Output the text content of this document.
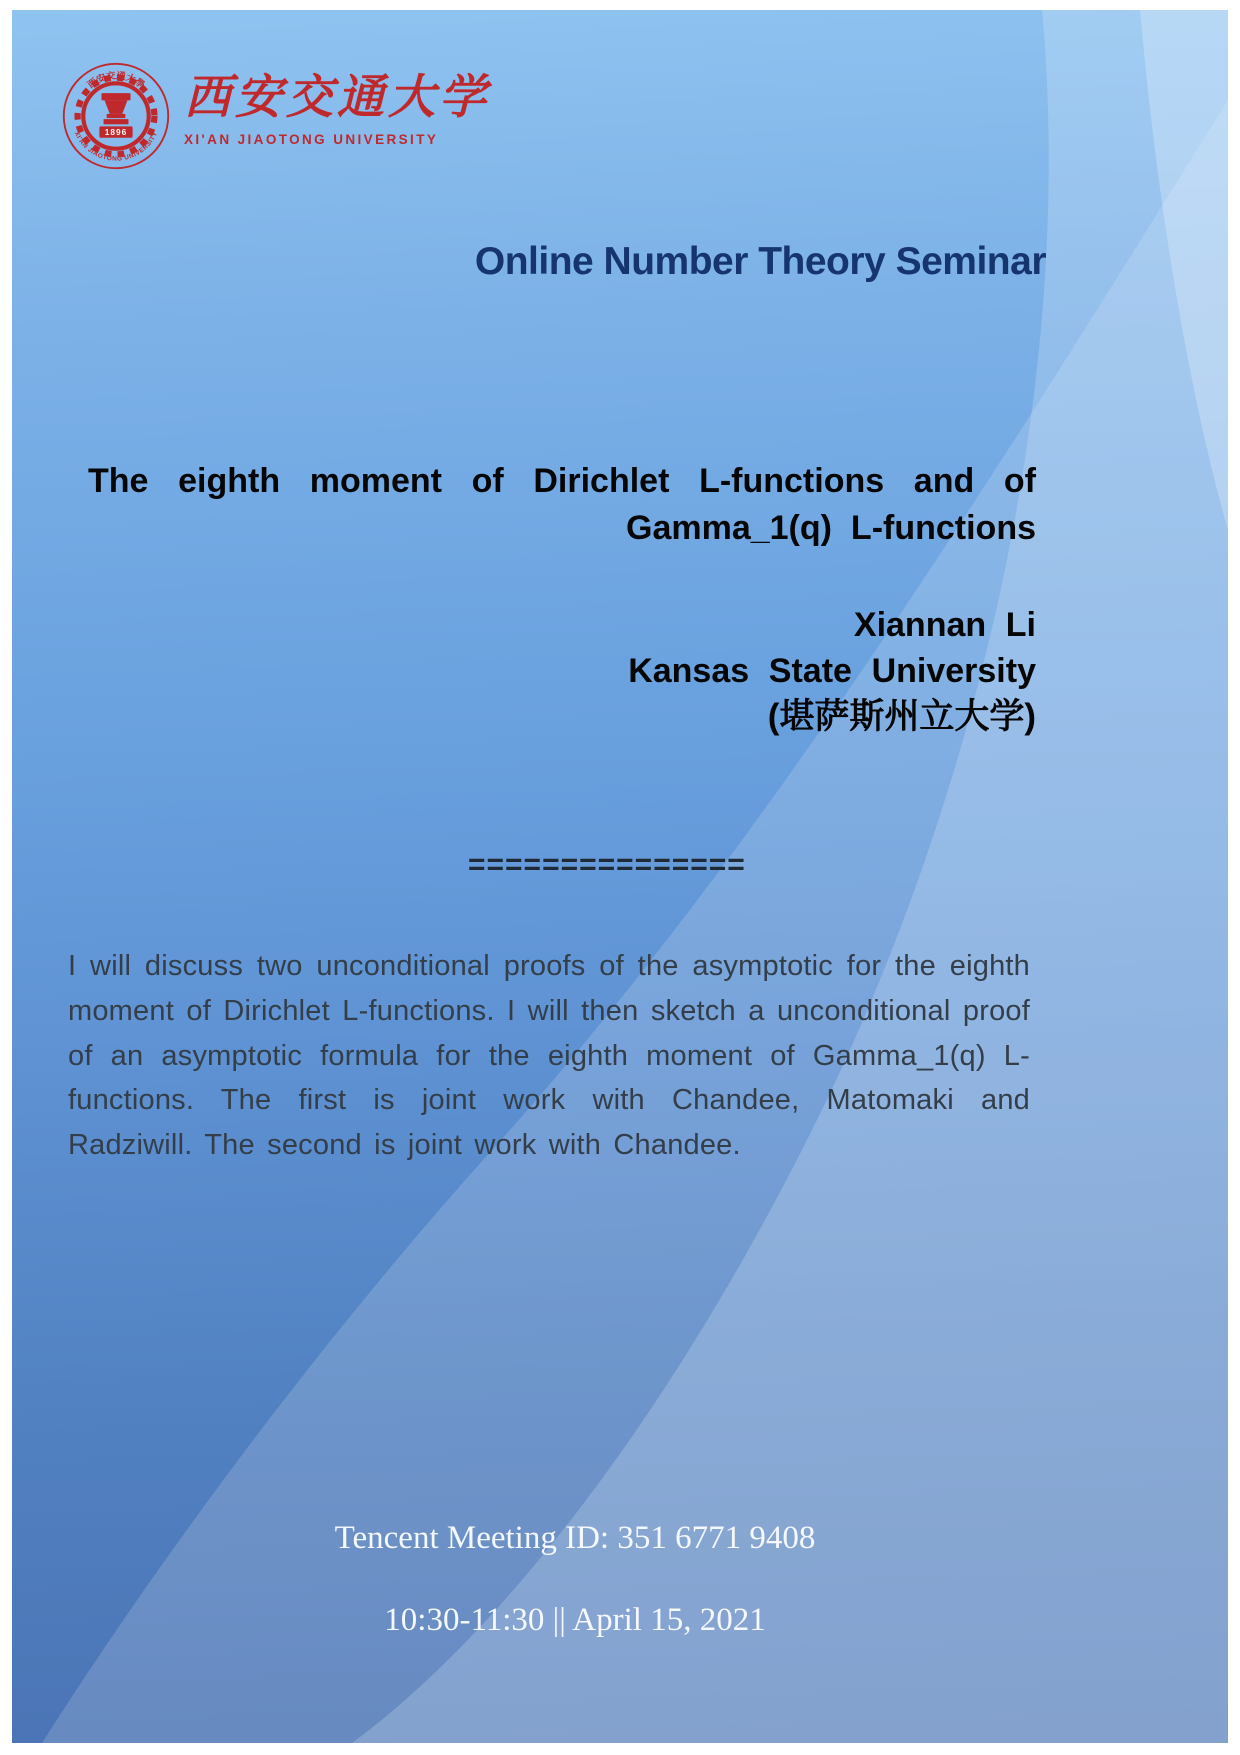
1896
西安交通大學
XI'AN JIAOTONG UNIVERSITY
西安交通大学
XI'AN JIAOTONG UNIVERSITY
Online Number Theory Seminar
The eighth moment of Dirichlet L-functions and of
Gamma_1(q) L-functions
Xiannan Li
Kansas State University
(堪萨斯州立大学)
===============
I will discuss two unconditional proofs of the asymptotic for the eighth moment of Dirichlet L-functions. I will then sketch a unconditional proof of an asymptotic formula for the eighth moment of Gamma_1(q) L-functions. The first is joint work with Chandee, Matomaki and Radziwill. The second is joint work with Chandee.
Tencent Meeting ID: 351 6771 9408
10:30-11:30 || April 15, 2021
